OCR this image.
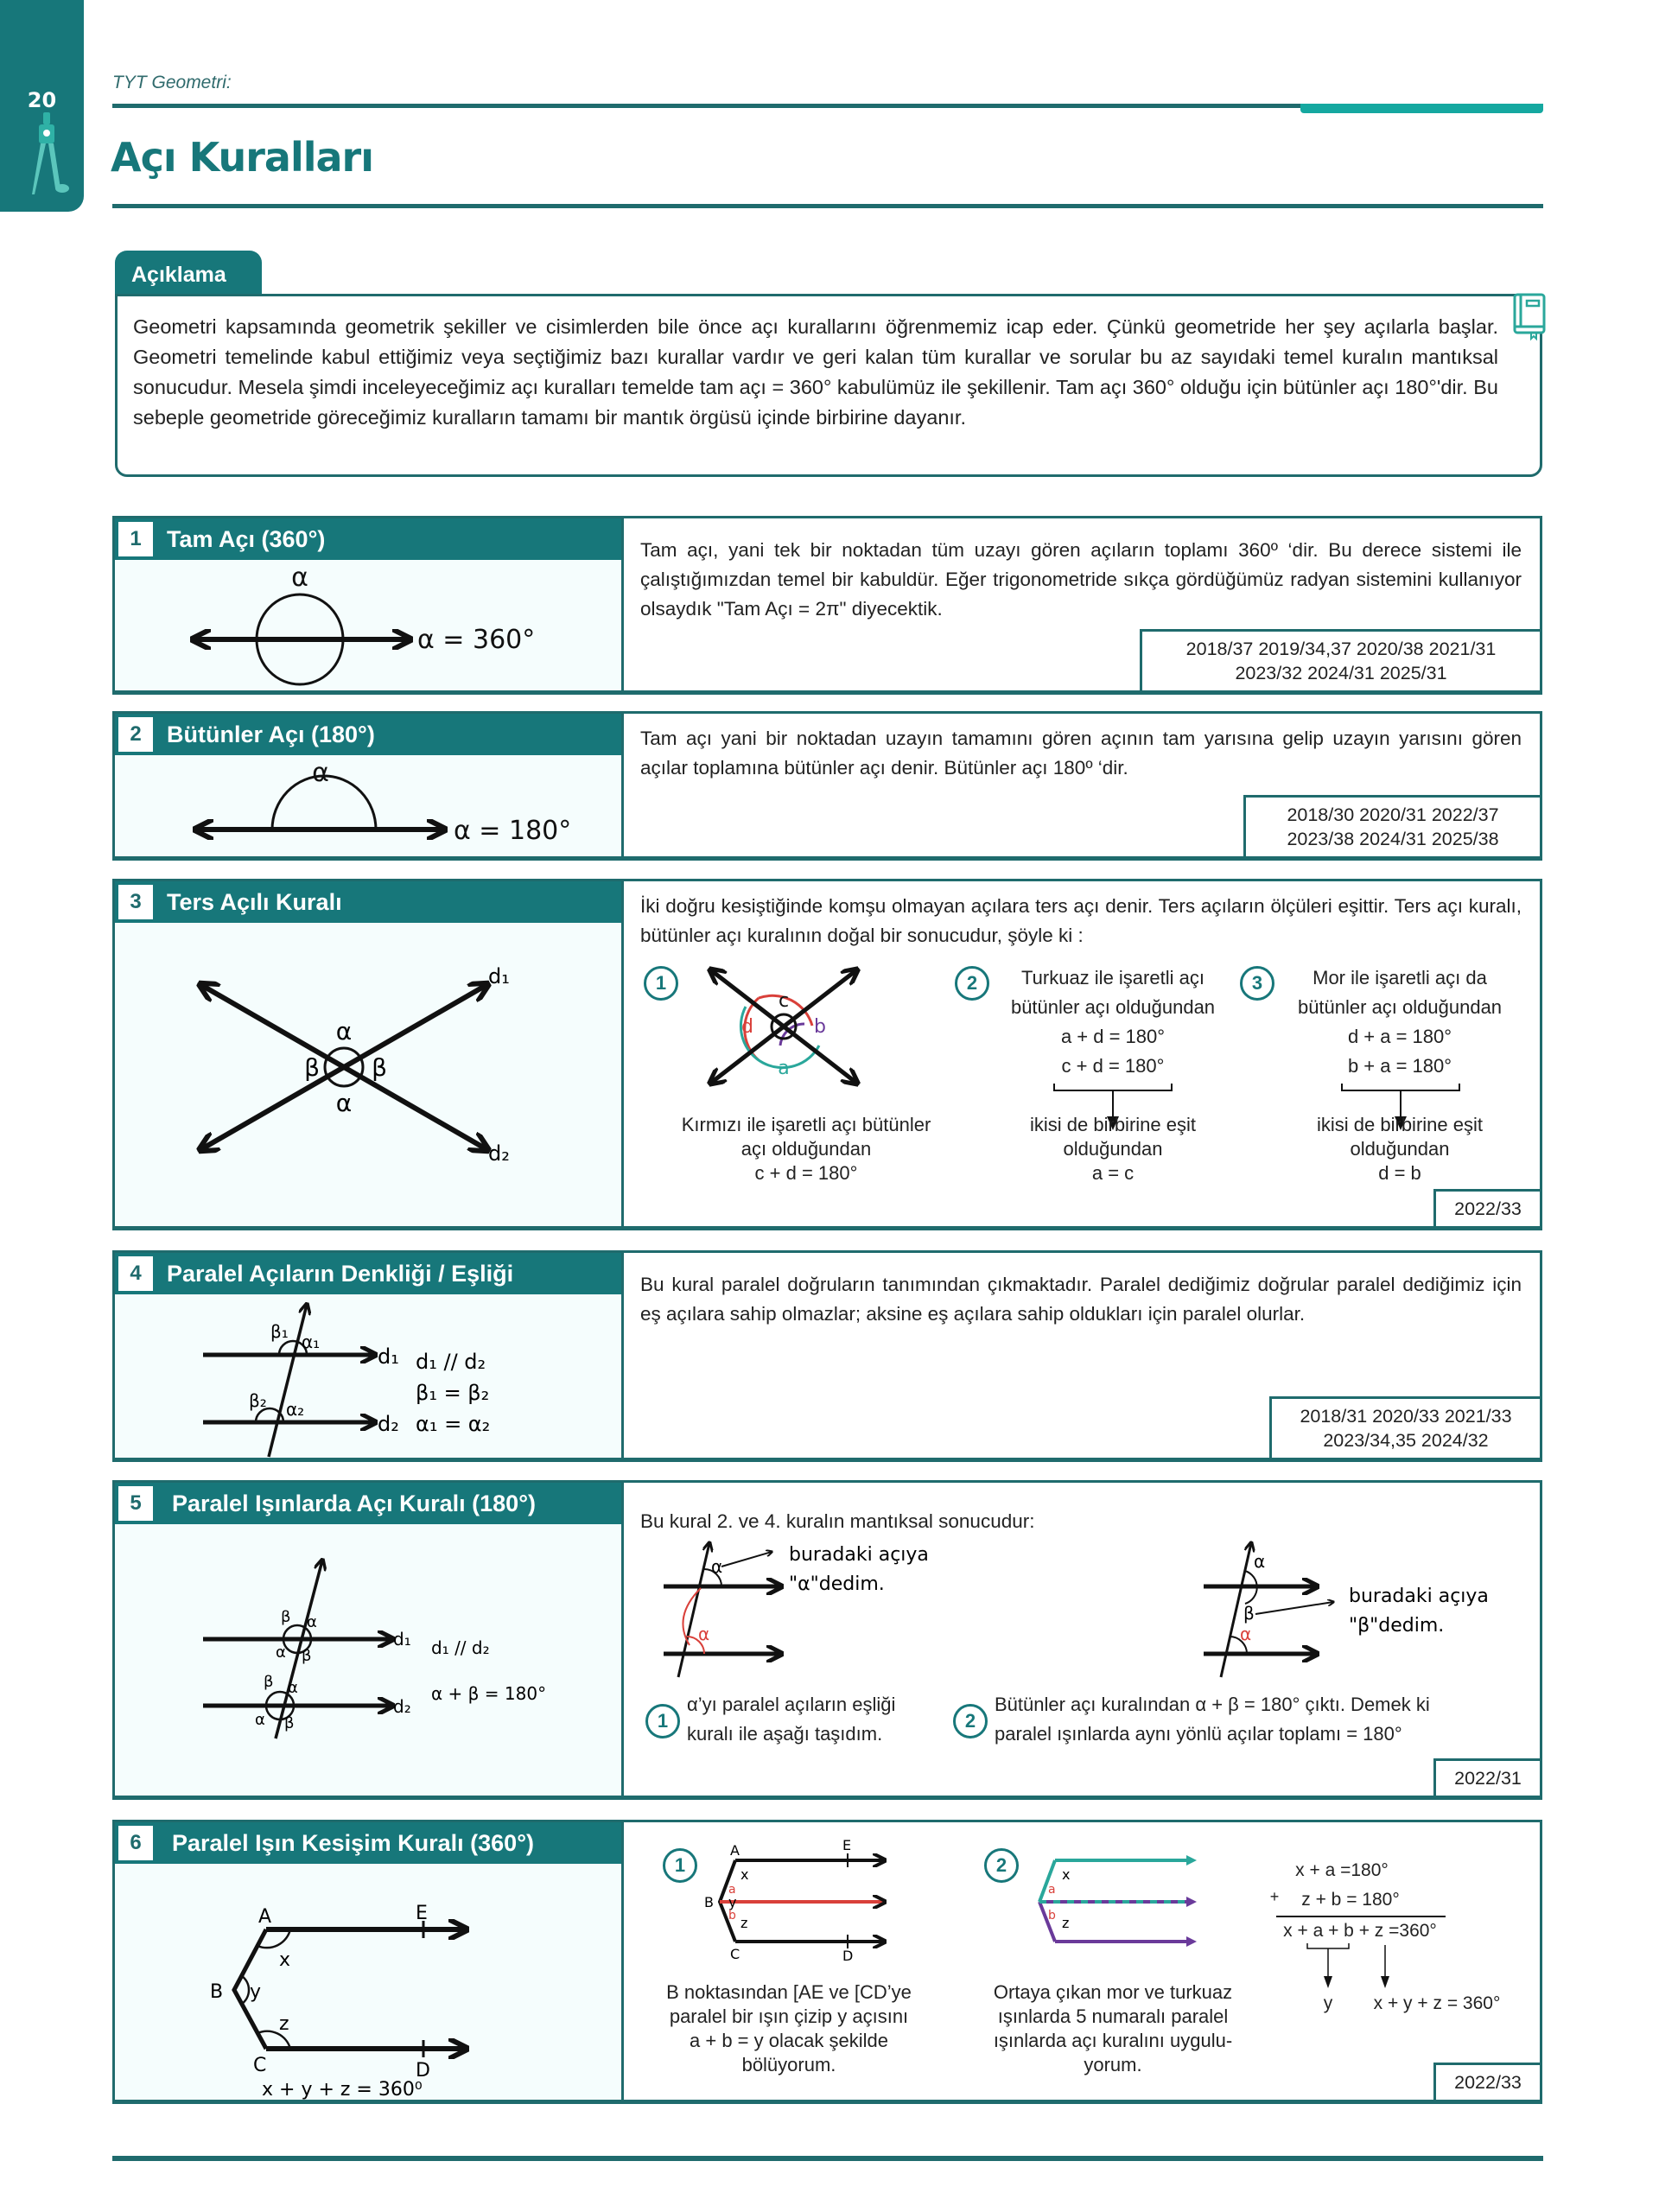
20
TYT Geometri:
Açı Kuralları
Açıklama
Geometri kapsamında geometrik şekiller ve cisimlerden bile önce açı kurallarını öğrenmemiz icap eder. Çünkü geometride her şey açılarla başlar. Geometri temelinde kabul ettiğimiz veya seçtiğimiz bazı kurallar vardır ve geri kalan tüm kurallar ve sorular bu az sayıdaki temel kuralın mantıksal sonucudur. Mesela şimdi inceleyeceğimiz açı kuralları temelde tam açı = 360° kabulümüz ile şekillenir. Tam açı 360° olduğu için bütünler açı 180°'dir. Bu sebeple geometride göreceğimiz kuralların tamamı bir mantık örgüsü içinde birbirine dayanır.
1	Tam Açı (360°)
α
α = 360°
Tam açı, yani tek bir noktadan tüm uzayı gören açıların toplamı 360º ‘dir. Bu derece sistemi ile çalıştığımızdan temel bir kabuldür. Eğer trigonometride sıkça gördüğümüz radyan sistemini kullanıyor olsaydık "Tam Açı = 2π" diyecektik.
2018/37 2019/34,37 2020/38 2021/31
2023/32 2024/31 2025/31
2	Bütünler Açı (180°)
α
α = 180°
Tam açı yani bir noktadan uzayın tamamını gören açının tam yarısına gelip uzayın yarısını gören açılar toplamına bütünler açı denir. Bütünler açı 180º ‘dir.
2018/30 2020/31 2022/37
2023/38 2024/31 2025/38
3	Ters Açılı Kuralı
α
β β
α
d₁
d₂
İki doğru kesiştiğinde komşu olmayan açılara ters açı denir. Ters açıların ölçüleri eşittir. Ters açı kuralı, bütünler açı kuralının doğal bir sonucudur, şöyle ki :
1
c
d	b
a
Kırmızı ile işaretli açı bütünler
açı olduğundan
c + d = 180°
2	Turkuaz ile işaretli açı
bütünler açı olduğundan
a + d = 180°
c + d = 180°
ikisi de birbirine eşit
olduğundan
a = c
3	Mor ile işaretli açı da
bütünler açı olduğundan
d + a = 180°
b + a = 180°
ikisi de birbirine eşit
olduğundan
d = b
2022/33
4	Paralel Açıların Denkliği / Eşliği
β₁ α₁
d₁
β₂ α₂
d₂
d₁ // d₂
β₁ = β₂
α₁ = α₂
Bu kural paralel doğruların tanımından çıkmaktadır. Paralel dediğimiz doğrular paralel dediğimiz için eş açılara sahip olmazlar; aksine eş açılara sahip oldukları için paralel olurlar.
2018/31 2020/33 2021/33
2023/34,35 2024/32
5	Paralel Işınlarda Açı Kuralı (180°)
β α
α β
d₁
β α
α β
d₂
d₁ // d₂
α + β = 180°
Bu kural 2. ve 4. kuralın mantıksal sonucudur:
α
α
buradaki açıya
"α"dedim.
α
β
α
buradaki açıya
"β"dedim.
1
α’yı paralel açıların eşliği
kuralı ile aşağı taşıdım.
2
Bütünler açı kuralından α + β = 180° çıktı. Demek ki
paralel ışınlarda aynı yönlü açılar toplamı = 180°
2022/31
6	Paralel Işın Kesişim Kuralı (360°)
A
B
C	D
E
x
y
z
x + y + z = 360⁰
1
A	E
x
a
B y
b z
C	D
B noktasından [AE ve [CD’ye
paralel bir ışın çizip y açısını
a + b = y olacak şekilde
bölüyorum.
2	x
a
b z
Ortaya çıkan mor ve turkuaz
ışınlarda 5 numaralı paralel
ışınlarda açı kuralını uygulu-
yorum.
x + a =180°
+	z + b = 180°
x + a + b + z =360°
y	x + y + z = 360°
2022/33
